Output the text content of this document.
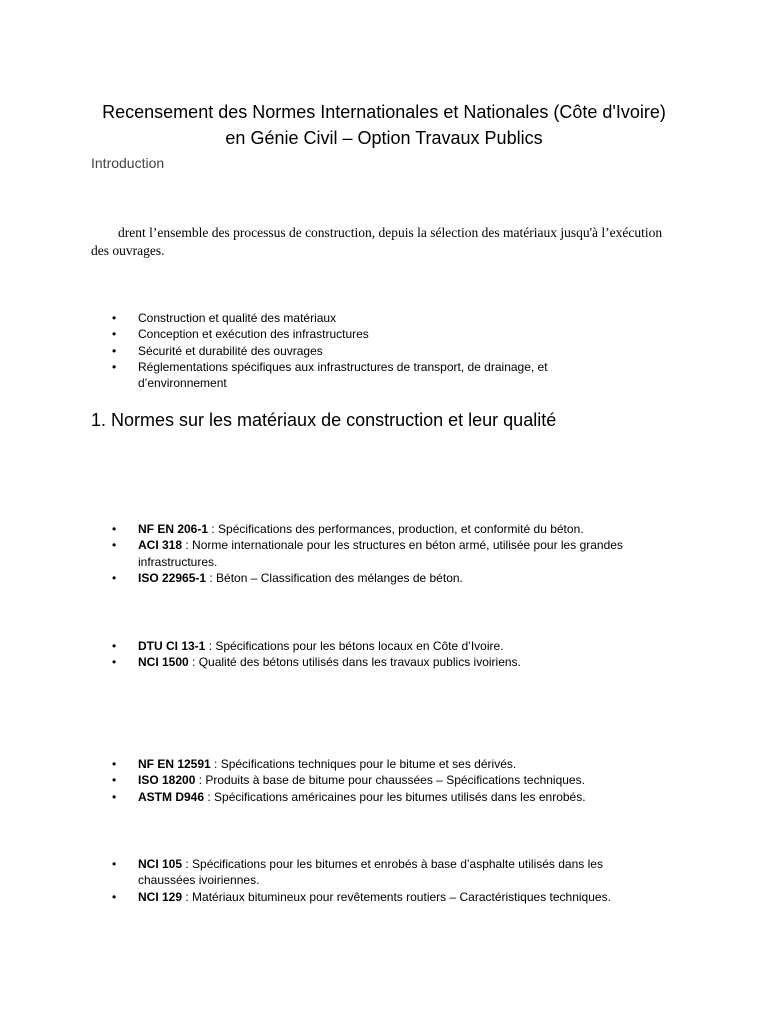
Recensement des Normes Internationales et Nationales (Côte d'Ivoire)
en Génie Civil – Option Travaux Publics
Introduction
drent l’ensemble des processus de construction, depuis la sélection des matériaux jusqu'à l’exécution des ouvrages.
• Construction et qualité des matériaux
• Conception et exécution des infrastructures
• Sécurité et durabilité des ouvrages
• Réglementations spécifiques aux infrastructures de transport, de drainage, et d’environnement
1. Normes sur les matériaux de construction et leur qualité
• NF EN 206-1 : Spécifications des performances, production, et conformité du béton.
• ACI 318 : Norme internationale pour les structures en béton armé, utilisée pour les grandes infrastructures.
• ISO 22965-1 : Béton – Classification des mélanges de béton.
• DTU CI 13-1 : Spécifications pour les bétons locaux en Côte d’Ivoire.
• NCI 1500 : Qualité des bétons utilisés dans les travaux publics ivoiriens.
• NF EN 12591 : Spécifications techniques pour le bitume et ses dérivés.
• ISO 18200 : Produits à base de bitume pour chaussées – Spécifications techniques.
• ASTM D946 : Spécifications américaines pour les bitumes utilisés dans les enrobés.
• NCI 105 : Spécifications pour les bitumes et enrobés à base d’asphalte utilisés dans les chaussées ivoiriennes.
• NCI 129 : Matériaux bitumineux pour revêtements routiers – Caractéristiques techniques.
